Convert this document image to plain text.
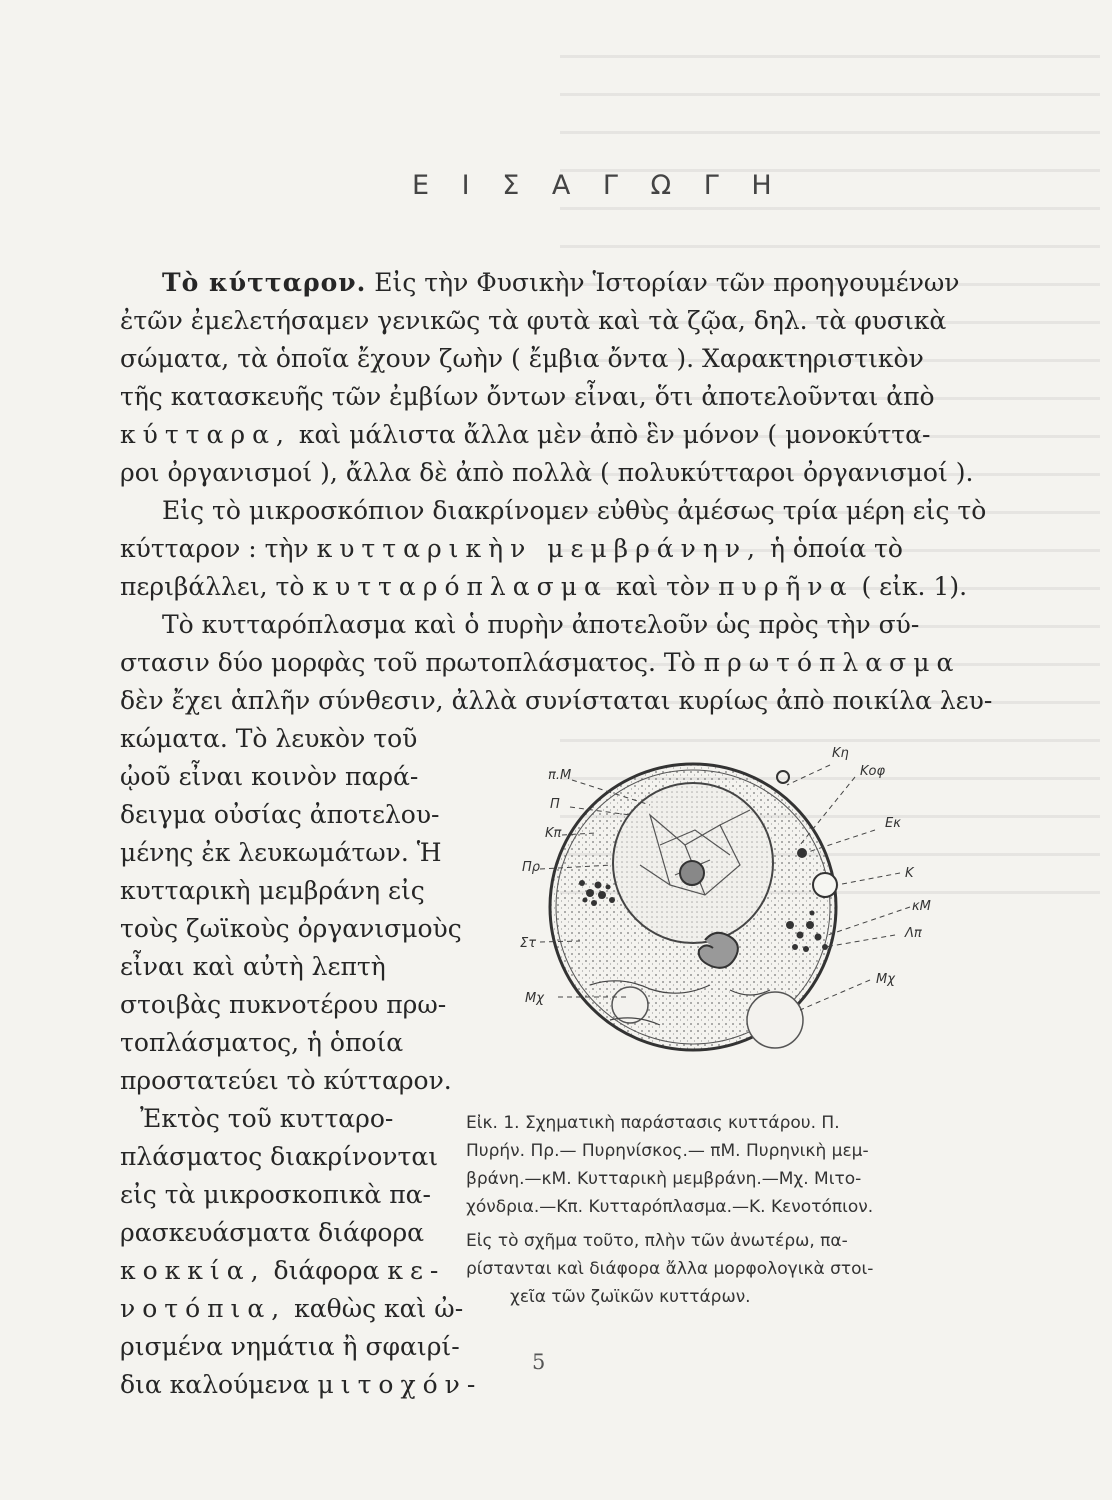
Ε Ι Σ Α Γ Ω Γ Η
Τὸ κύτταρον. Εἰς τὴν Φυσικὴν Ἱστορίαν τῶν προηγουμένων
ἐτῶν ἐμελετήσαμεν γενικῶς τὰ φυτὰ καὶ τὰ ζῷα, δηλ. τὰ φυσικὰ
σώματα, τὰ ὁποῖα ἔχουν ζωὴν ( ἔμβια ὄντα ). Χαρακτηριστικὸν
τῆς κατασκευῆς τῶν ἐμβίων ὄντων εἶναι, ὅτι ἀποτελοῦνται ἀπὸ
κύτταρα, καὶ μάλιστα ἄλλα μὲν ἀπὸ ἓν μόνον ( μονοκύττα-
ροι ὀργανισμοί ), ἄλλα δὲ ἀπὸ πολλὰ ( πολυκύτταροι ὀργανισμοί ).
Εἰς τὸ μικροσκόπιον διακρίνομεν εὐθὺς ἀμέσως τρία μέρη εἰς τὸ
κύτταρον : τὴν κυτταρικὴν μεμβράνην, ἡ ὁποία τὸ
περιβάλλει, τὸ κυτταρόπλασμα καὶ τὸν πυρῆνα ( εἰκ. 1).
Τὸ κυτταρόπλασμα καὶ ὁ πυρὴν ἀποτελοῦν ὡς πρὸς τὴν σύ-
στασιν δύο μορφὰς τοῦ πρωτοπλάσματος. Τὸ πρωτόπλασμα
δὲν ἔχει ἁπλῆν σύνθεσιν, ἀλλὰ συνίσταται κυρίως ἀπὸ ποικίλα λευ-
κώματα. Τὸ λευκὸν τοῦ
ᾠοῦ εἶναι κοινὸν παρά-
δειγμα οὐσίας ἀποτελου-
μένης ἐκ λευκωμάτων. Ἡ
κυτταρικὴ μεμβράνη εἰς
τοὺς ζωϊκοὺς ὀργανισμοὺς
εἶναι καὶ αὐτὴ λεπτὴ
στοιβὰς πυκνοτέρου πρω-
τοπλάσματος, ἡ ὁποία
προστατεύει τὸ κύτταρον.
Ἐκτὸς τοῦ κυτταρο-
πλάσματος διακρίνονται
εἰς τὰ μικροσκοπικὰ πα-
ρασκευάσματα διάφορα
κοκκία, διάφορα κε-
νοτόπια, καθὼς καὶ ὠ-
ρισμένα νημάτια ἢ σφαιρί-
δια καλούμενα μιτοχόν-
π.Μ
Π
Κπ
Πρ
Στ
Μχ
Κη
Κοφ
Εκ
Κ
κΜ
Λπ
Μχ
Εἰκ. 1. Σχηματικὴ παράστασις κυττάρου. Π.
Πυρήν. Πρ.— Πυρηνίσκος.— πΜ. Πυρηνικὴ μεμ-
βράνη.—κΜ. Κυτταρικὴ μεμβράνη.—Μχ. Μιτο-
χόνδρια.—Κπ. Κυτταρόπλασμα.—Κ. Κενοτόπιον.
Εἰς τὸ σχῆμα τοῦτο, πλὴν τῶν ἀνωτέρω, πα-
ρίστανται καὶ διάφορα ἄλλα μορφολογικὰ στοι-
χεῖα τῶν ζωϊκῶν κυττάρων.
5
